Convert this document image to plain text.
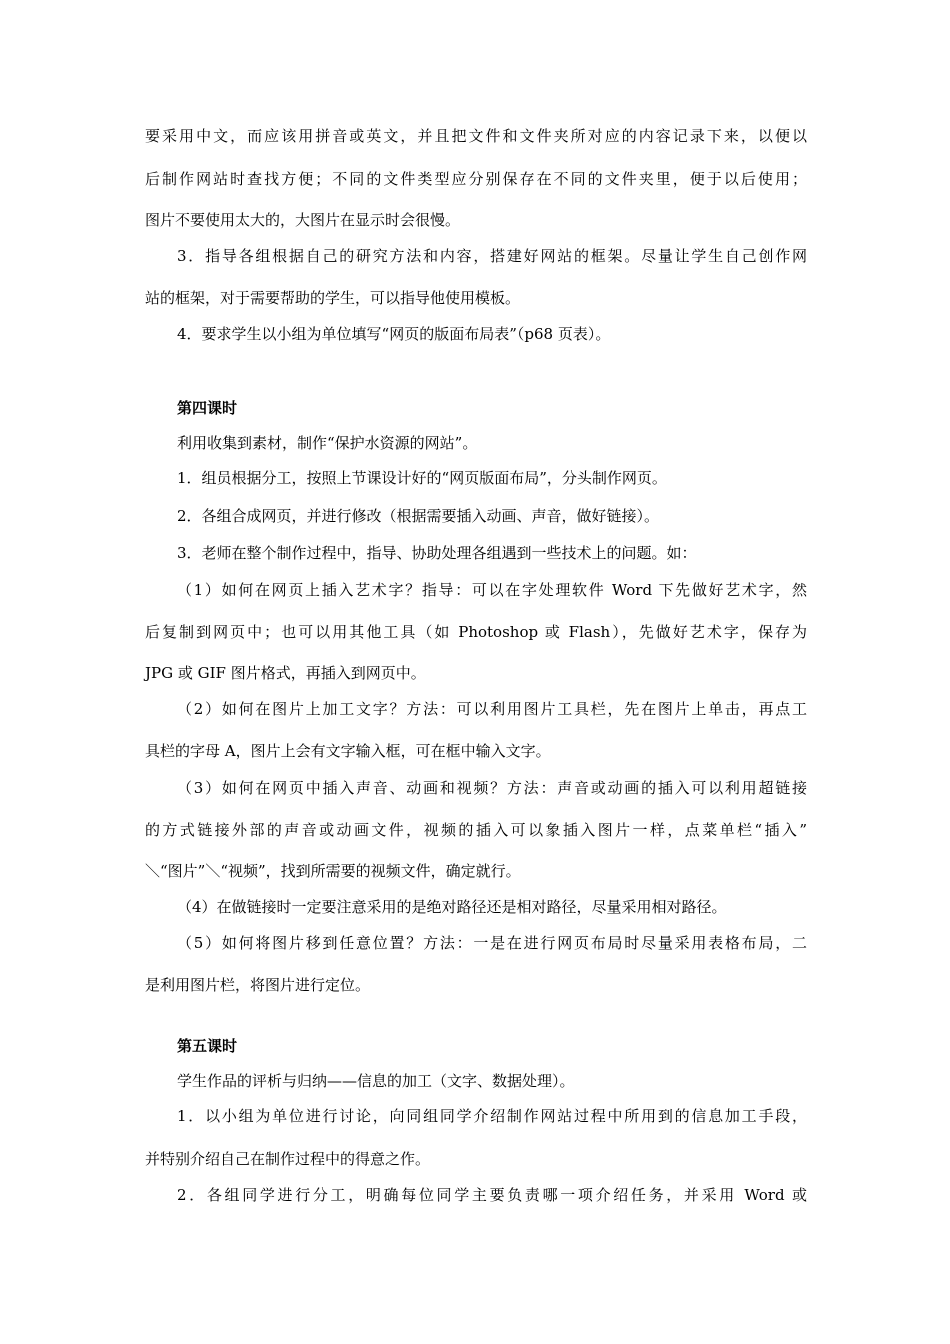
要采用中文，而应该用拼音或英文，并且把文件和文件夹所对应的内容记录下来，以便以
后制作网站时查找方便；不同的文件类型应分别保存在不同的文件夹里，便于以后使用；
图片不要使用太大的，大图片在显示时会很慢。
3．指导各组根据自己的研究方法和内容，搭建好网站的框架。尽量让学生自己创作网
站的框架，对于需要帮助的学生，可以指导他使用模板。
4．要求学生以小组为单位填写“网页的版面布局表”（p68 页表）。
第四课时
利用收集到素材，制作“保护水资源的网站”。
1．组员根据分工，按照上节课设计好的“网页版面布局”，分头制作网页。
2．各组合成网页，并进行修改（根据需要插入动画、声音，做好链接）。
3．老师在整个制作过程中，指导、协助处理各组遇到一些技术上的问题。如：
（1）如何在网页上插入艺术字？指导：可以在字处理软件 Word 下先做好艺术字，然
后复制到网页中；也可以用其他工具（如 Photoshop 或 Flash），先做好艺术字，保存为
JPG 或 GIF 图片格式，再插入到网页中。
（2）如何在图片上加工文字？方法：可以利用图片工具栏，先在图片上单击，再点工
具栏的字母 A，图片上会有文字输入框，可在框中输入文字。
（3）如何在网页中插入声音、动画和视频？方法：声音或动画的插入可以利用超链接
的方式链接外部的声音或动画文件，视频的插入可以象插入图片一样，点菜单栏“插入”
＼“图片”＼“视频”，找到所需要的视频文件，确定就行。
（4）在做链接时一定要注意采用的是绝对路径还是相对路径，尽量采用相对路径。
（5）如何将图片移到任意位置？方法：一是在进行网页布局时尽量采用表格布局，二
是利用图片栏，将图片进行定位。
第五课时
学生作品的评析与归纳——信息的加工（文字、数据处理）。
1．以小组为单位进行讨论，向同组同学介绍制作网站过程中所用到的信息加工手段，
并特别介绍自己在制作过程中的得意之作。
2．各组同学进行分工，明确每位同学主要负责哪一项介绍任务，并采用 Word 或
